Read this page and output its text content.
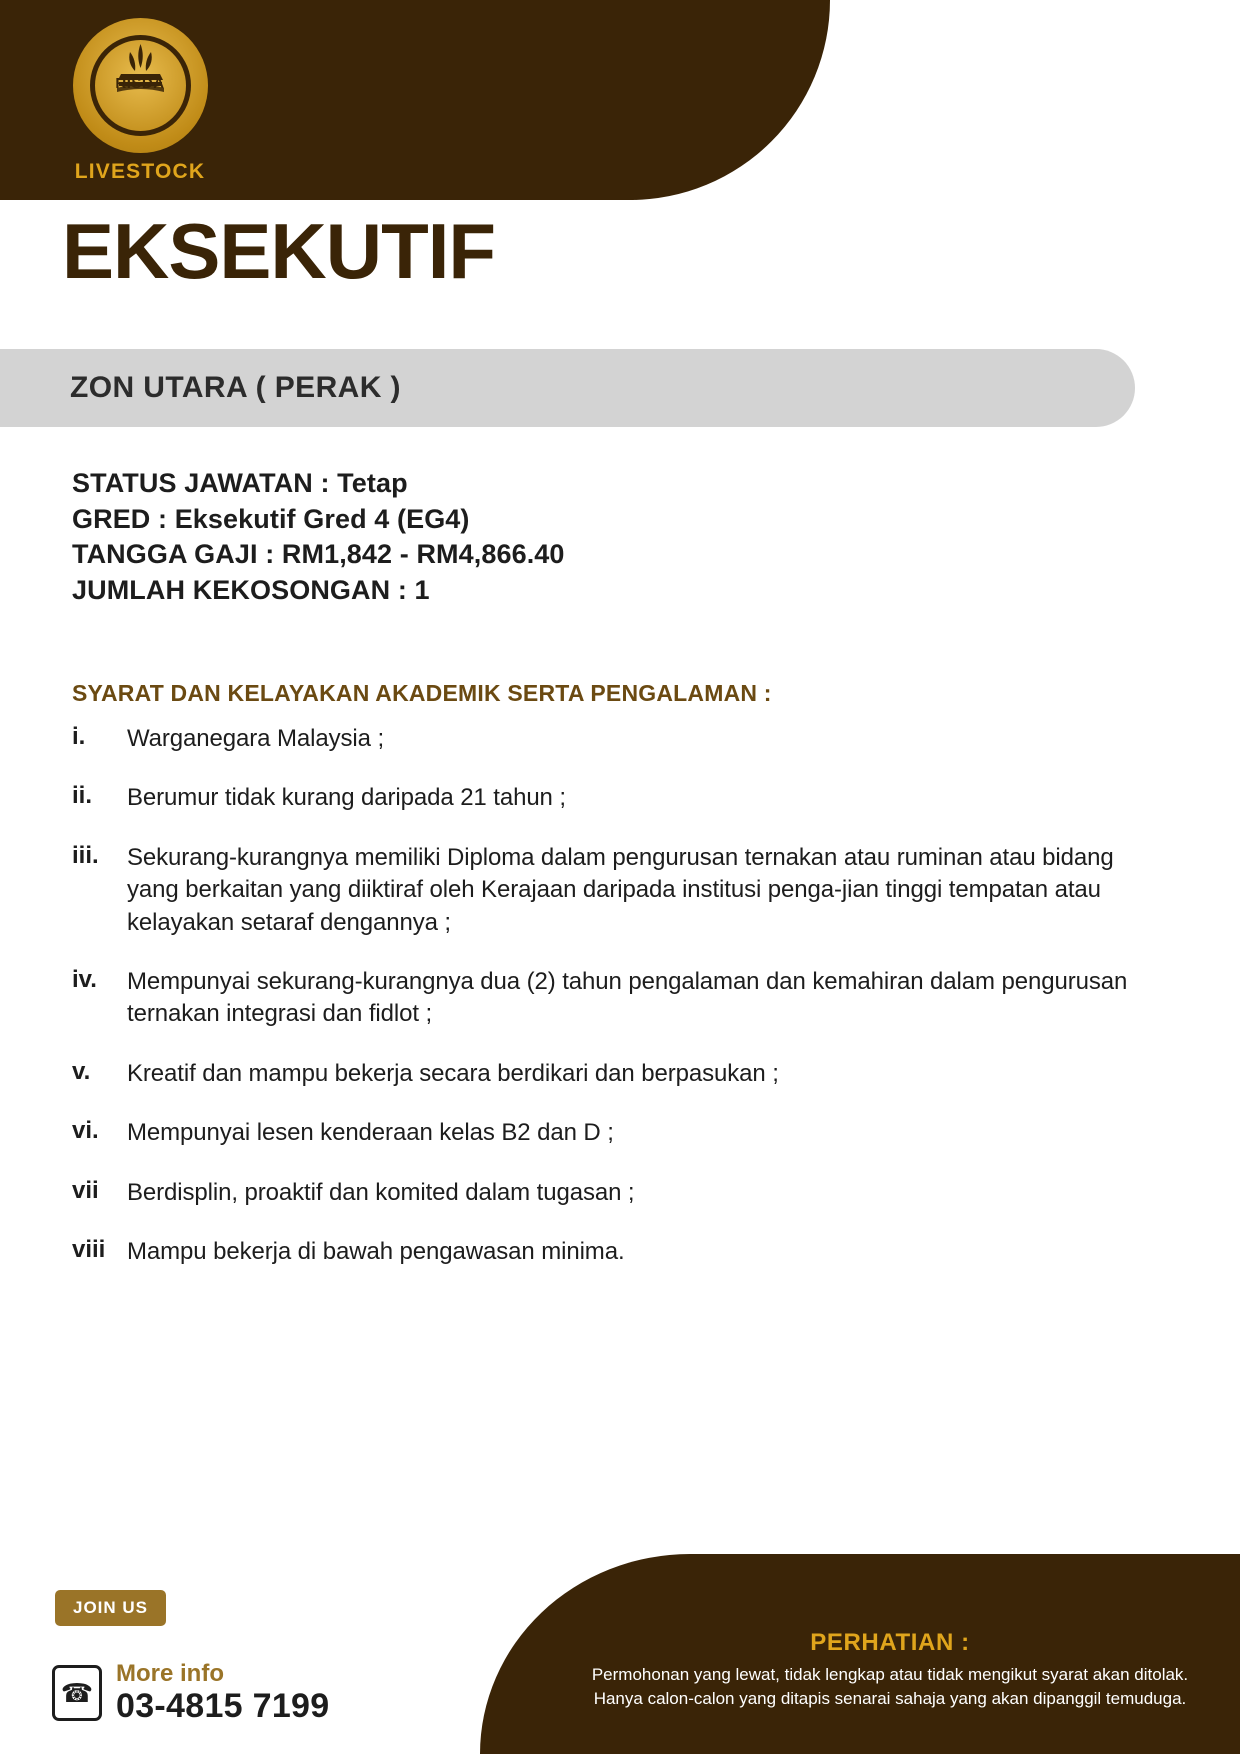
RISDA
LIVESTOCK
EKSEKUTIF
ZON UTARA ( PERAK )
STATUS JAWATAN : Tetap
GRED : Eksekutif Gred 4 (EG4)
TANGGA GAJI : RM1,842 - RM4,866.40
JUMLAH KEKOSONGAN : 1
SYARAT DAN KELAYAKAN AKADEMIK SERTA PENGALAMAN :
i.	Warganegara Malaysia ;
ii.	Berumur tidak kurang daripada 21 tahun ;
iii.	Sekurang-kurangnya memiliki Diploma dalam pengurusan ternakan atau ruminan atau bidang yang berkaitan yang diiktiraf oleh Kerajaan daripada institusi penga-jian tinggi tempatan atau kelayakan setaraf dengannya ;
iv.	Mempunyai sekurang-kurangnya dua (2) tahun pengalaman dan kemahiran dalam pengurusan ternakan integrasi dan fidlot ;
v.	Kreatif dan mampu bekerja secara berdikari dan berpasukan ;
vi.	Mempunyai lesen kenderaan kelas B2 dan D ;
vii	Berdisplin, proaktif dan komited dalam tugasan ;
viii Mampu bekerja di bawah pengawasan minima.
JOIN US
☎
More info
03-4815 7199
PERHATIAN :
Permohonan yang lewat, tidak lengkap atau tidak mengikut syarat akan ditolak. Hanya calon-calon yang ditapis senarai sahaja yang akan dipanggil temuduga.
